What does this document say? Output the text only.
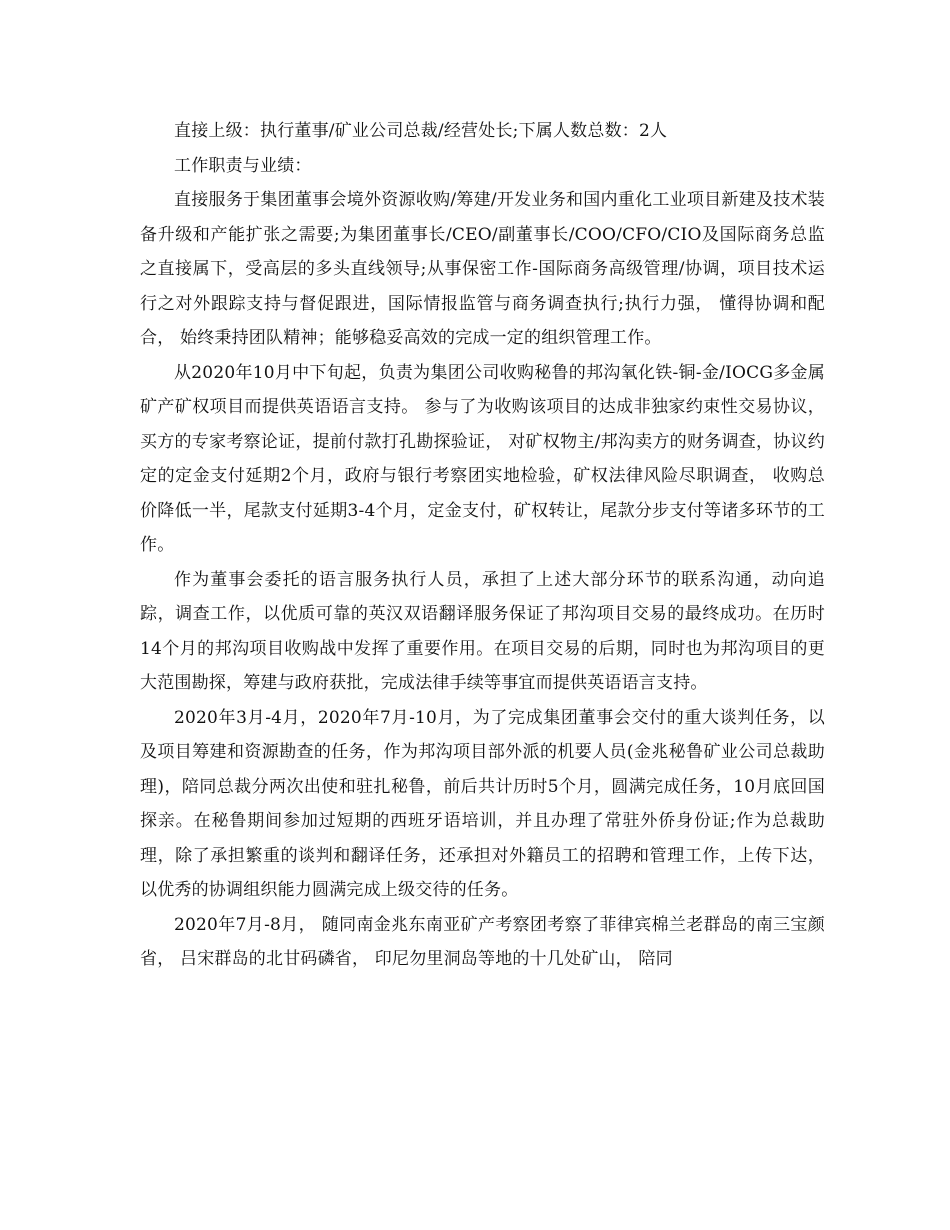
直接上级：执行董事/矿业公司总裁/经营处长;下属人数总数：2人

工作职责与业绩：

直接服务于集团董事会境外资源收购/筹建/开发业务和国内重化工业项目新建及技术装备升级和产能扩张之需要;为集团董事长/CEO/副董事长/COO/CFO/CIO及国际商务总监之直接属下，受高层的多头直线领导;从事保密工作-国际商务高级管理/协调，项目技术运行之对外跟踪支持与督促跟进，国际情报监管与商务调查执行;执行力强， 懂得协调和配合， 始终秉持团队精神；能够稳妥高效的完成一定的组织管理工作。

从2020年10月中下旬起，负责为集团公司收购秘鲁的邦沟氧化铁-铜-金/IOCG多金属矿产矿权项目而提供英语语言支持。 参与了为收购该项目的达成非独家约束性交易协议，买方的专家考察论证，提前付款打孔勘探验证， 对矿权物主/邦沟卖方的财务调查，协议约定的定金支付延期2个月，政府与银行考察团实地检验，矿权法律风险尽职调查， 收购总价降低一半，尾款支付延期3-4个月，定金支付，矿权转让，尾款分步支付等诸多环节的工作。

作为董事会委托的语言服务执行人员，承担了上述大部分环节的联系沟通，动向追踪，调查工作，以优质可靠的英汉双语翻译服务保证了邦沟项目交易的最终成功。在历时14个月的邦沟项目收购战中发挥了重要作用。在项目交易的后期，同时也为邦沟项目的更大范围勘探，筹建与政府获批，完成法律手续等事宜而提供英语语言支持。

2020年3月-4月，2020年7月-10月，为了完成集团董事会交付的重大谈判任务，以及项目筹建和资源勘查的任务，作为邦沟项目部外派的机要人员(金兆秘鲁矿业公司总裁助理)，陪同总裁分两次出使和驻扎秘鲁，前后共计历时5个月，圆满完成任务，10月底回国探亲。在秘鲁期间参加过短期的西班牙语培训，并且办理了常驻外侨身份证;作为总裁助理，除了承担繁重的谈判和翻译任务，还承担对外籍员工的招聘和管理工作，上传下达，以优秀的协调组织能力圆满完成上级交待的任务。

2020年7月-8月， 随同南金兆东南亚矿产考察团考察了菲律宾棉兰老群岛的南三宝颜省， 吕宋群岛的北甘码磷省， 印尼勿里洞岛等地的十几处矿山， 陪同
